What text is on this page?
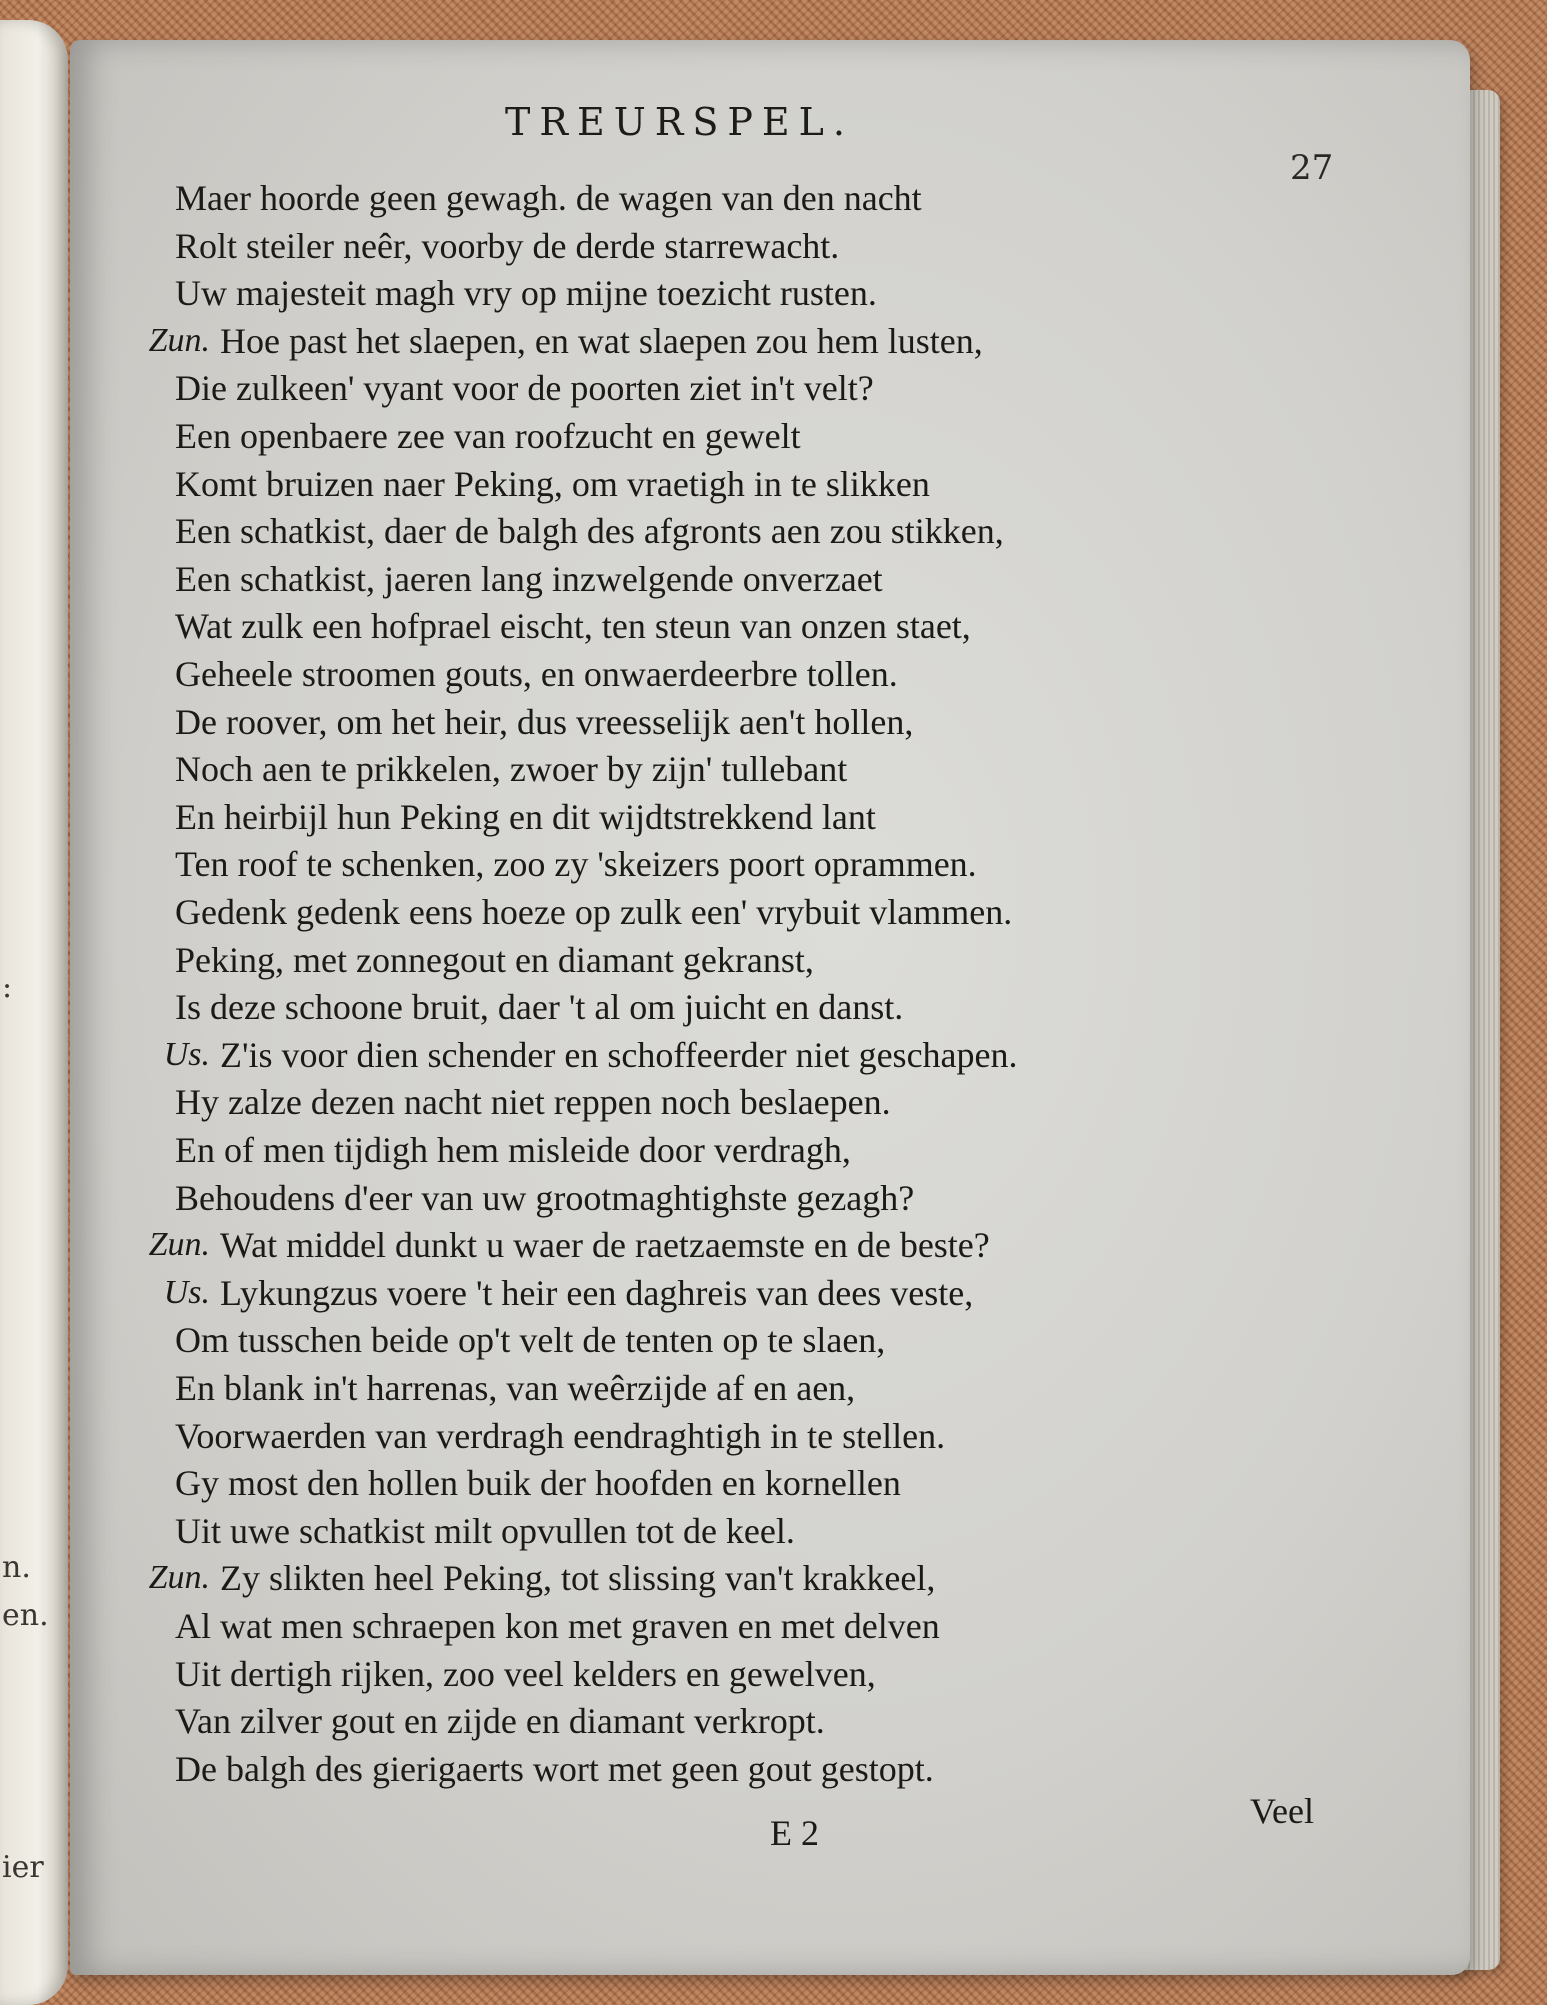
:
n.
en.
ier
TREURSPEL.
27
Maer hoorde geen gewagh. de wagen van den nacht
Rolt steiler neêr, voorby de derde starrewacht.
Uw majesteit magh vry op mijne toezicht rusten.
Zun. Hoe past het slaepen, en wat slaepen zou hem lusten,
Die zulkeen' vyant voor de poorten ziet in't velt?
Een openbaere zee van roofzucht en gewelt
Komt bruizen naer Peking, om vraetigh in te slikken
Een schatkist, daer de balgh des afgronts aen zou stikken,
Een schatkist, jaeren lang inzwelgende onverzaet
Wat zulk een hofprael eischt, ten steun van onzen staet,
Geheele stroomen gouts, en onwaerdeerbre tollen.
De roover, om het heir, dus vreesselijk aen't hollen,
Noch aen te prikkelen, zwoer by zijn' tullebant
En heirbijl hun Peking en dit wijdtstrekkend lant
Ten roof te schenken, zoo zy 'skeizers poort oprammen.
Gedenk gedenk eens hoeze op zulk een' vrybuit vlammen.
Peking, met zonnegout en diamant gekranst,
Is deze schoone bruit, daer 't al om juicht en danst.
Us. Z'is voor dien schender en schoffeerder niet geschapen.
Hy zalze dezen nacht niet reppen noch beslaepen.
En of men tijdigh hem misleide door verdragh,
Behoudens d'eer van uw grootmaghtighste gezagh?
Zun. Wat middel dunkt u waer de raetzaemste en de beste?
Us. Lykungzus voere 't heir een daghreis van dees veste,
Om tusschen beide op't velt de tenten op te slaen,
En blank in't harrenas, van weêrzijde af en aen,
Voorwaerden van verdragh eendraghtigh in te stellen.
Gy most den hollen buik der hoofden en kornellen
Uit uwe schatkist milt opvullen tot de keel.
Zun. Zy slikten heel Peking, tot slissing van't krakkeel,
Al wat men schraepen kon met graven en met delven
Uit dertigh rijken, zoo veel kelders en gewelven,
Van zilver gout en zijde en diamant verkropt.
De balgh des gierigaerts wort met geen gout gestopt.
E 2
Veel
